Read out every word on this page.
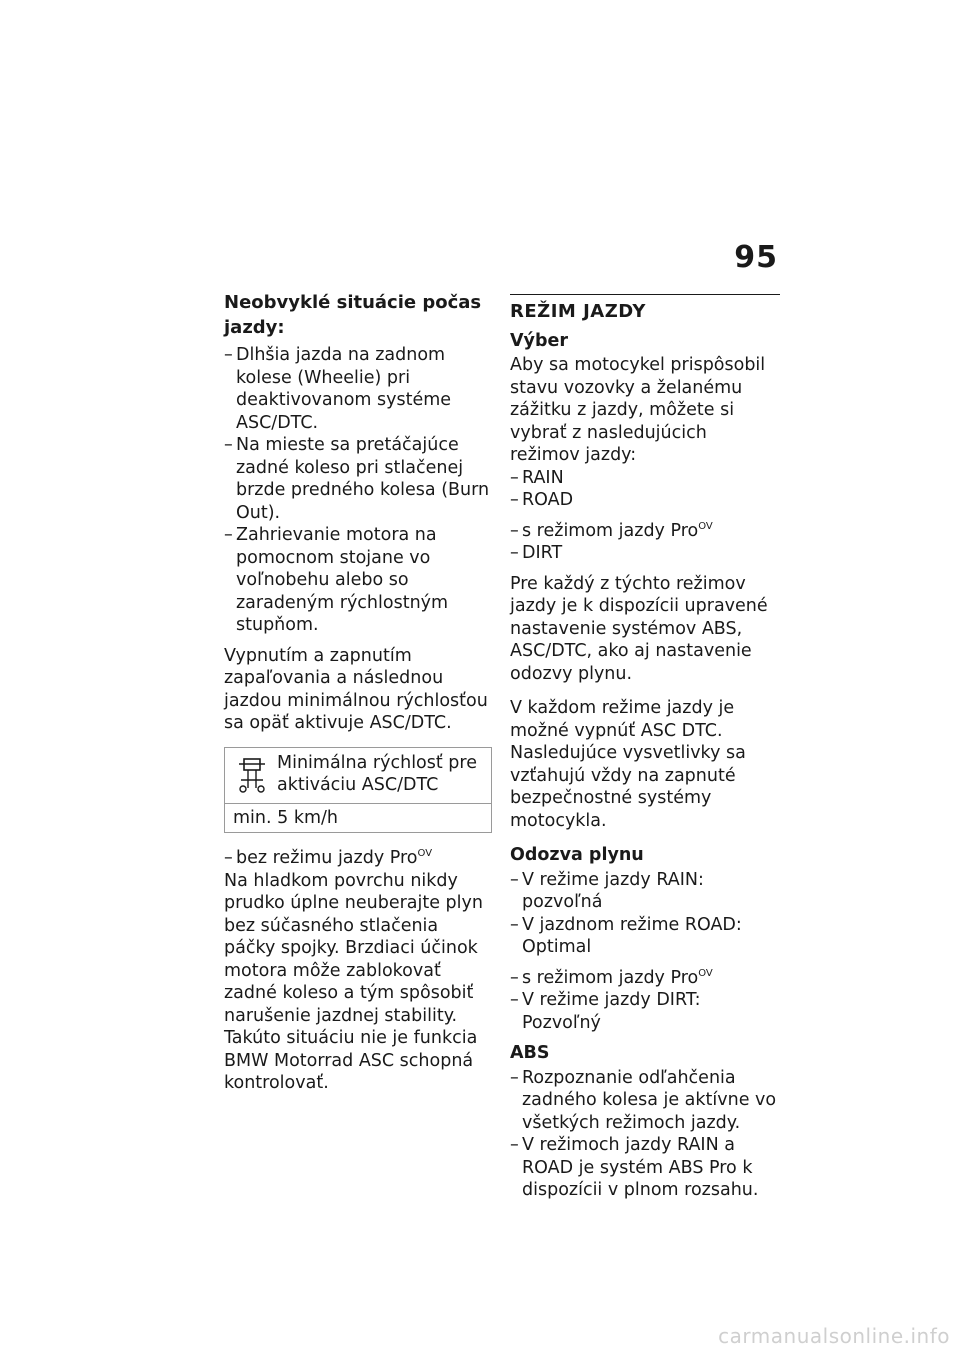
95
Neobvyklé situácie počas jazdy:
– Dlhšia jazda na zadnom kolese (Wheelie) pri deaktivovanom systéme ASC/DTC.
– Na mieste sa pretáčajúce zadné koleso pri stlačenej brzde predného kolesa (Burn Out).
– Zahrievanie motora na pomocnom stojane vo voľnobehu alebo so zaradeným rýchlostným stupňom.

Vypnutím a zapnutím zapaľovania a následnou jazdou minimálnou rýchlosťou sa opäť aktivuje ASC/DTC.

Minimálna rýchlosť pre aktiváciu ASC/DTC
min. 5 km/h
– bez režimu jazdy Pro$^{OV}$

Na hladkom povrchu nikdy prudko úplne neuberajte plyn bez súčasného stlačenia páčky spojky. Brzdiaci účinok motora môže zablokovať zadné koleso a tým spôsobiť narušenie jazdnej stability. Takúto situáciu nie je funkcia BMW Motorrad ASC schopná kontrolovať.

REŽIM JAZDY
Výber

Aby sa motocykel prispôsobil stavu vozovky a želanému zážitku z jazdy, môžete si vybrať z nasledujúcich režimov jazdy:

– RAIN
– ROAD
– s režimom jazdy Pro$^{OV}$
– DIRT

Pre každý z týchto režimov jazdy je k dispozícii upravené nastavenie systémov ABS, ASC/DTC, ako aj nastavenie odozvy plynu.

V každom režime jazdy je možné vypnúť ASC DTC. Nasledujúce vysvetlivky sa vzťahujú vždy na zapnuté bezpečnostné systémy motocykla.

Odozva plynu
– V režime jazdy RAIN: pozvoľná
– V jazdnom režime ROAD: Optimal
– s režimom jazdy Pro$^{OV}$
– V režime jazdy DIRT: Pozvoľný
ABS
– Rozpoznanie odľahčenia zadného kolesa je aktívne vo všetkých režimoch jazdy.
– V režimoch jazdy RAIN a ROAD je systém ABS Pro k dispozícii v plnom rozsahu.
carmanualsonline.info
